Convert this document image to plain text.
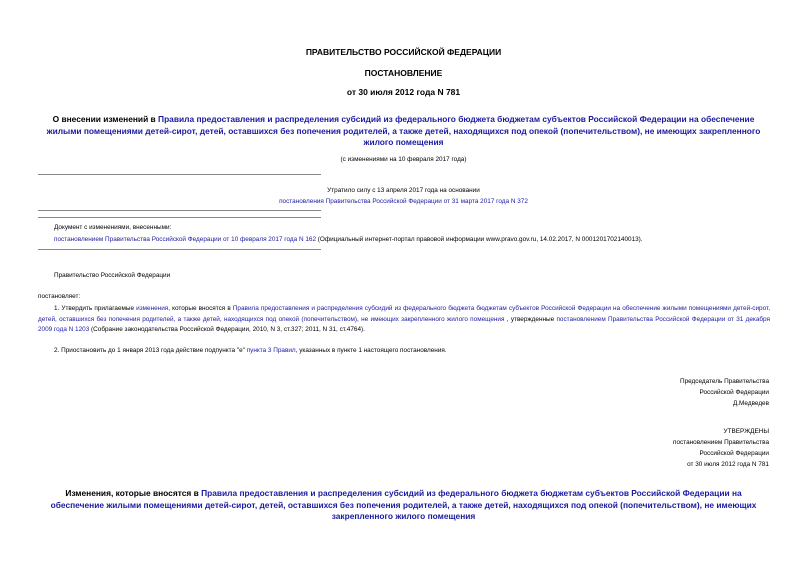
ПРАВИТЕЛЬСТВО РОССИЙСКОЙ ФЕДЕРАЦИИ
ПОСТАНОВЛЕНИЕ
от 30 июля 2012 года N 781
О внесении изменений в Правила предоставления и распределения субсидий из федерального бюджета бюджетам субъектов Российской Федерации на обеспечение жилыми помещениями детей-сирот, детей, оставшихся без попечения родителей, а также детей, находящихся под опекой (попечительством), не имеющих закрепленного жилого помещения
(с изменениями на 10 февраля 2017 года)
Утратило силу с 13 апреля 2017 года на основании
постановления Правительства Российской Федерации от 31 марта 2017 года N 372
Документ с изменениями, внесенными:
постановлением Правительства Российской Федерации от 10 февраля 2017 года N 162 (Официальный интернет-портал правовой информации www.pravo.gov.ru, 14.02.2017, N 0001201702140013).
Правительство Российской Федерации
постановляет:
1. Утвердить прилагаемые изменения, которые вносятся в Правила предоставления и распределения субсидий из федерального бюджета бюджетам субъектов Российской Федерации на обеспечение жилыми помещениями детей-сирот, детей, оставшихся без попечения родителей, а также детей, находящихся под опекой (попечительством), не имеющих закрепленного жилого помещения , утвержденные постановлением Правительства Российской Федерации от 31 декабря 2009 года N 1203 (Собрание законодательства Российской Федерации, 2010, N 3, ст.327; 2011, N 31, ст.4764).
2. Приостановить до 1 января 2013 года действие подпункта "е" пункта 3 Правил, указанных в пункте 1 настоящего постановления.
Председатель Правительства
Российской Федерации
Д.Медведев
УТВЕРЖДЕНЫ
постановлением Правительства
Российской Федерации
от 30 июля 2012 года N 781
Изменения, которые вносятся в Правила предоставления и распределения субсидий из федерального бюджета бюджетам субъектов Российской Федерации на обеспечение жилыми помещениями детей-сирот, детей, оставшихся без попечения родителей, а также детей, находящихся под опекой (попечительством), не имеющих закрепленного жилого помещения
